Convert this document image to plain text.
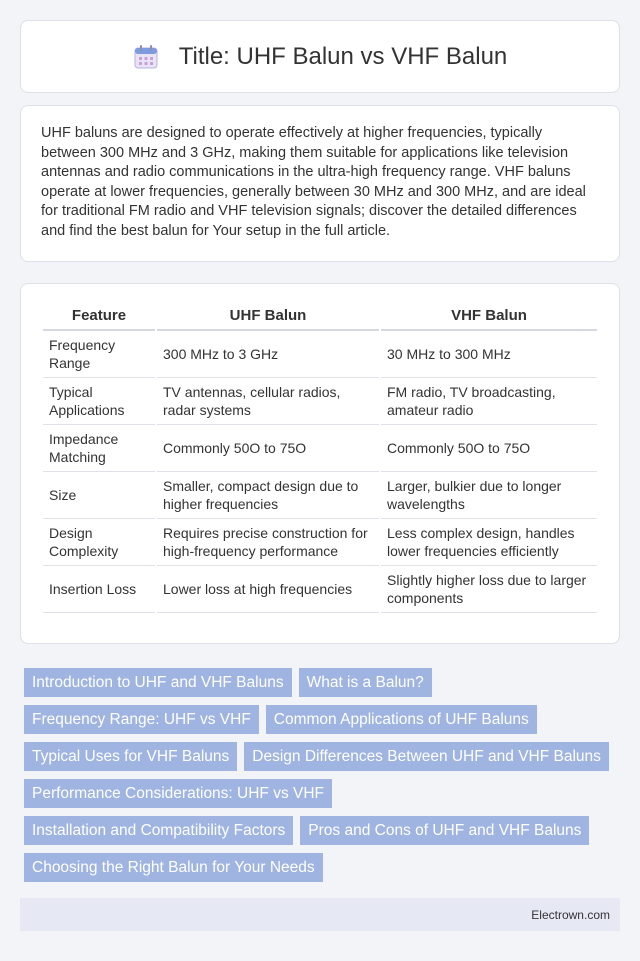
Title: UHF Balun vs VHF Balun

UHF baluns are designed to operate effectively at higher frequencies, typically between 300 MHz and 3 GHz, making them suitable for applications like television antennas and radio communications in the ultra-high frequency range. VHF baluns operate at lower frequencies, generally between 30 MHz and 300 MHz, and are ideal for traditional FM radio and VHF television signals; discover the detailed differences and find the best balun for Your setup in the full article.

Feature	UHF Balun	VHF Balun
Frequency Range	300 MHz to 3 GHz	30 MHz to 300 MHz
Typical Applications	TV antennas, cellular radios, radar systems	FM radio, TV broadcasting, amateur radio
Impedance Matching	Commonly 50O to 75O	Commonly 50O to 75O
Size	Smaller, compact design due to higher frequencies	Larger, bulkier due to longer wavelengths
Design Complexity	Requires precise construction for high-frequency performance	Less complex design, handles lower frequencies efficiently
Insertion Loss	Lower loss at high frequencies	Slightly higher loss due to larger components
Introduction to UHF and VHF Baluns	What is a Balun?
Frequency Range: UHF vs VHF	Common Applications of UHF Baluns
Typical Uses for VHF Baluns	Design Differences Between UHF and VHF Baluns
Performance Considerations: UHF vs VHF
Installation and Compatibility Factors	Pros and Cons of UHF and VHF Baluns
Choosing the Right Balun for Your Needs
Electrown.com
